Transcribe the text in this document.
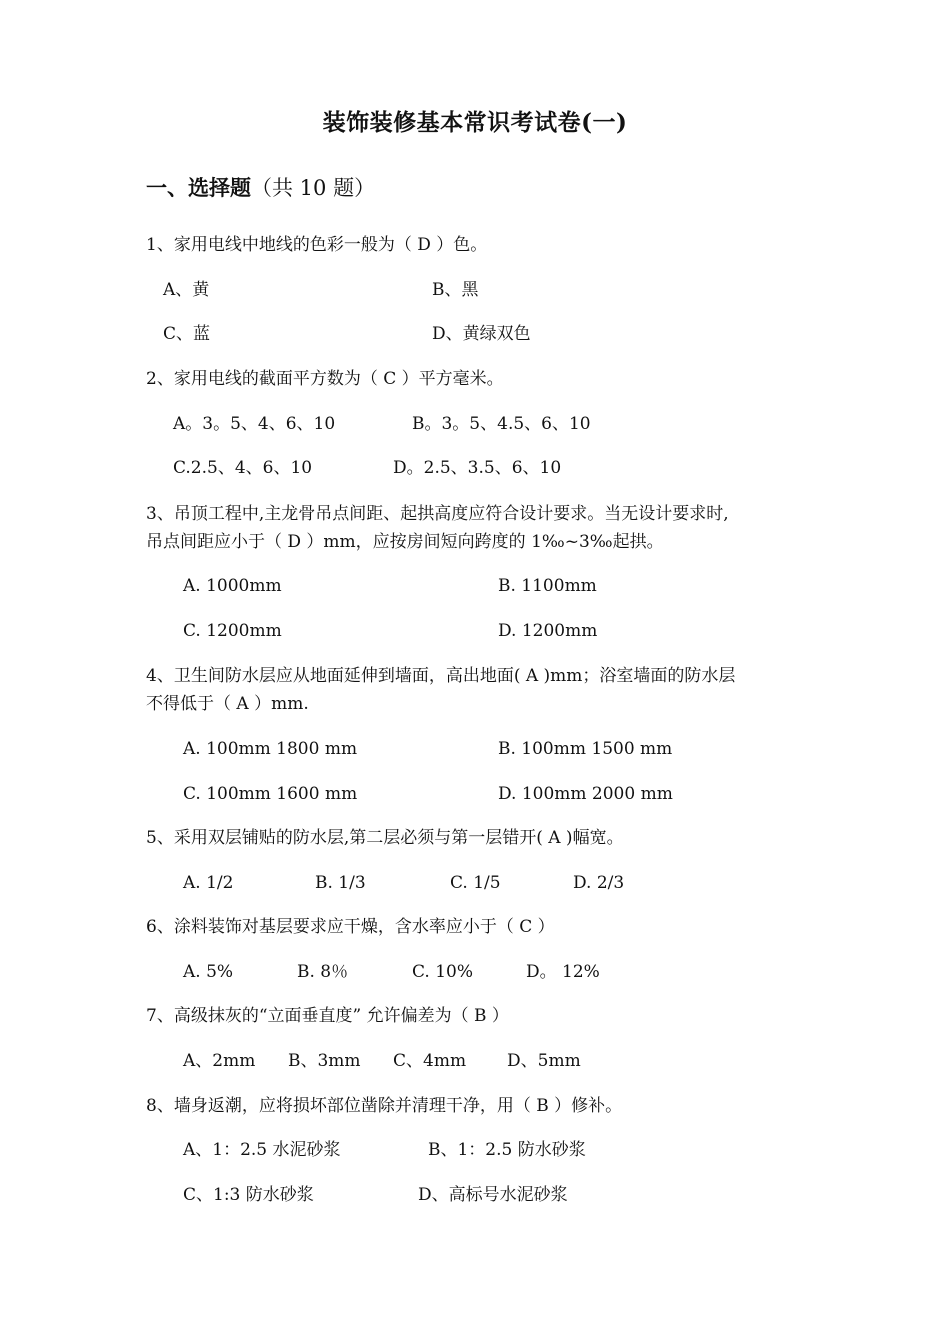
装饰装修基本常识考试卷(一)
一、选择题（共 10 题）
1、家用电线中地线的色彩一般为（ D ）色。
A、黄	B、黑
C、蓝	D、黄绿双色
2、家用电线的截面平方数为（ C ）平方毫米。
A。3。5、4、6、10	B。3。5、4.5、6、10
C.2.5、4、6、10	D。2.5、3.5、6、10
3、吊顶工程中,主龙骨吊点间距、起拱高度应符合设计要求。当无设计要求时,
吊点间距应小于（ D ）mm，应按房间短向跨度的 1‰~3‰起拱。
A. 1000mm	B. 1100mm
C. 1200mm	D. 1200mm
4、卫生间防水层应从地面延伸到墙面，高出地面( A )mm；浴室墙面的防水层
不得低于（ A ）mm.
A. 100mm 1800 mm	B. 100mm 1500 mm
C. 100mm 1600 mm	D. 100mm 2000 mm
5、采用双层铺贴的防水层,第二层必须与第一层错开( A )幅宽。
A. 1/2	B. 1/3	C. 1/5	D. 2/3
6、涂料装饰对基层要求应干燥，含水率应小于（ C ）
A. 5%	B. 8％	C. 10%	D。 12%
7、高级抹灰的“立面垂直度” 允许偏差为（ B ）
A、2mm B、3mm C、4mm D、5mm
8、墙身返潮，应将损坏部位凿除并清理干净，用（ B ）修补。
A、1：2.5 水泥砂浆	B、1：2.5 防水砂浆
C、1:3 防水砂浆	D、高标号水泥砂浆
